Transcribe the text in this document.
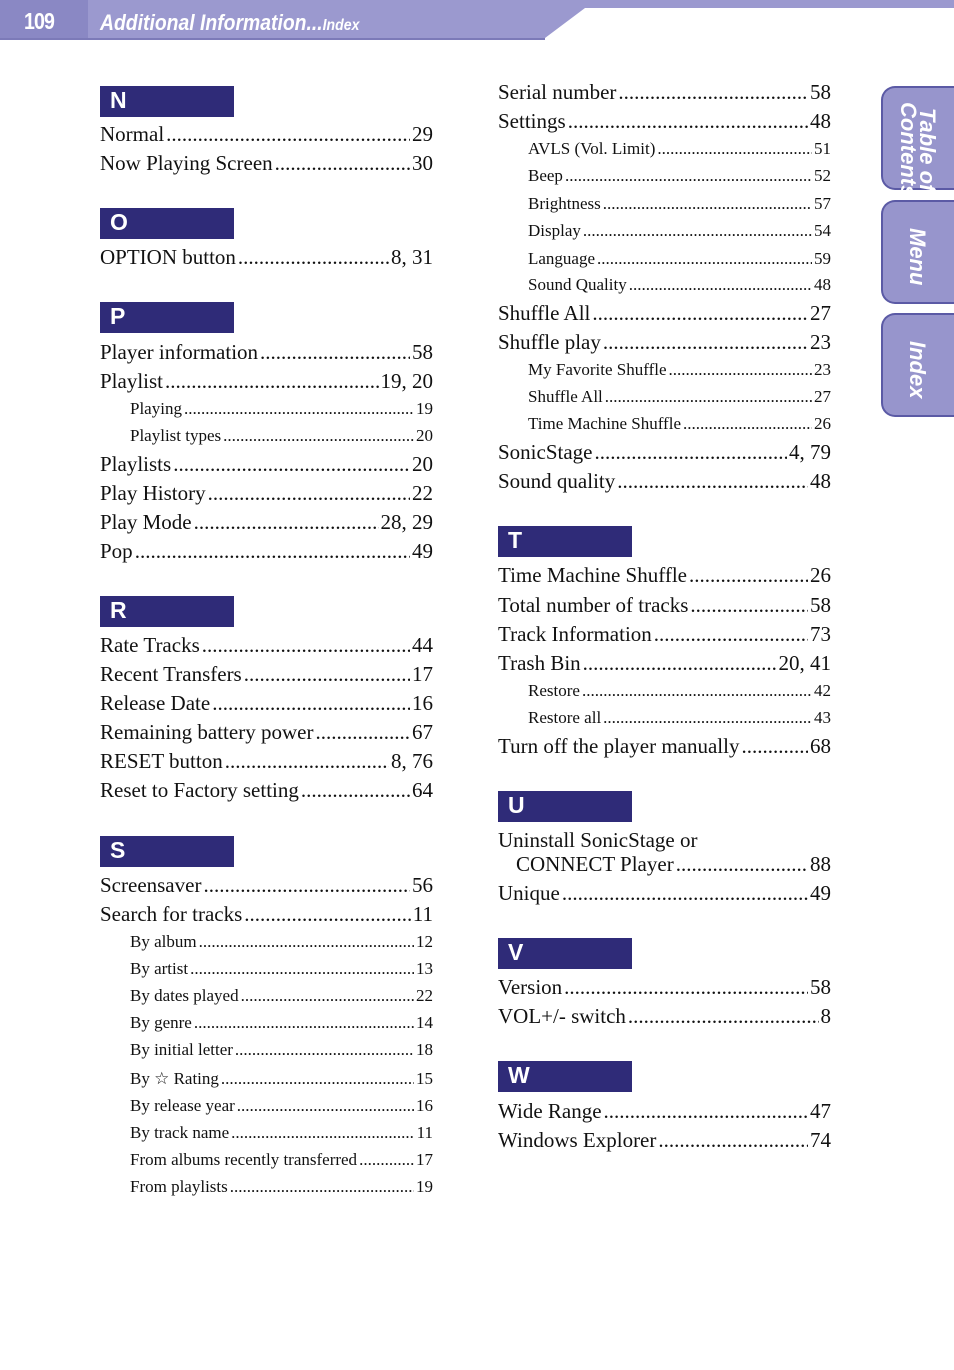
109 Additional Information...Index
Table of
Contents
Menu
Index
N
Normal .....	29
Now Playing Screen .....	30
O
OPTION button .....	8, 31
P
Player information .....	58
Playlist .....	19, 20
Playing .....	19
Playlist types .....	20
Playlists .....	20
Play History .....	22
Play Mode .....	28, 29
Pop .....	49
R
Rate Tracks .....	44
Recent Transfers .....	17
Release Date .....	16
Remaining battery power .....	67
RESET button .....	8, 76
Reset to Factory setting .....	64
S
Screensaver .....	56
Search for tracks .....	11
By album .....	12
By artist .....	13
By dates played .....	22
By genre .....	14
By initial letter .....	18
By ☆ Rating .....	15
By release year .....	16
By track name .....	11
From albums recently transferred .....	17
From playlists .....	19
Serial number .....	58
Settings .....	48
AVLS (Vol. Limit) .....	51
Beep .....	52
Brightness .....	57
Display .....	54
Language .....	59
Sound Quality .....	48
Shuffle All .....	27
Shuffle play .....	23
My Favorite Shuffle .....	23
Shuffle All .....	27
Time Machine Shuffle .....	26
SonicStage .....	4, 79
Sound quality .....	48
T
Time Machine Shuffle .....	26
Total number of tracks .....	58
Track Information .....	73
Trash Bin .....	20, 41
Restore .....	42
Restore all .....	43
Turn off the player manually .....	68
U
Uninstall SonicStage or
CONNECT Player .....	88
Unique .....	49
V
Version .....	58
VOL+/- switch .....	8
W
Wide Range .....	47
Windows Explorer .....	74
